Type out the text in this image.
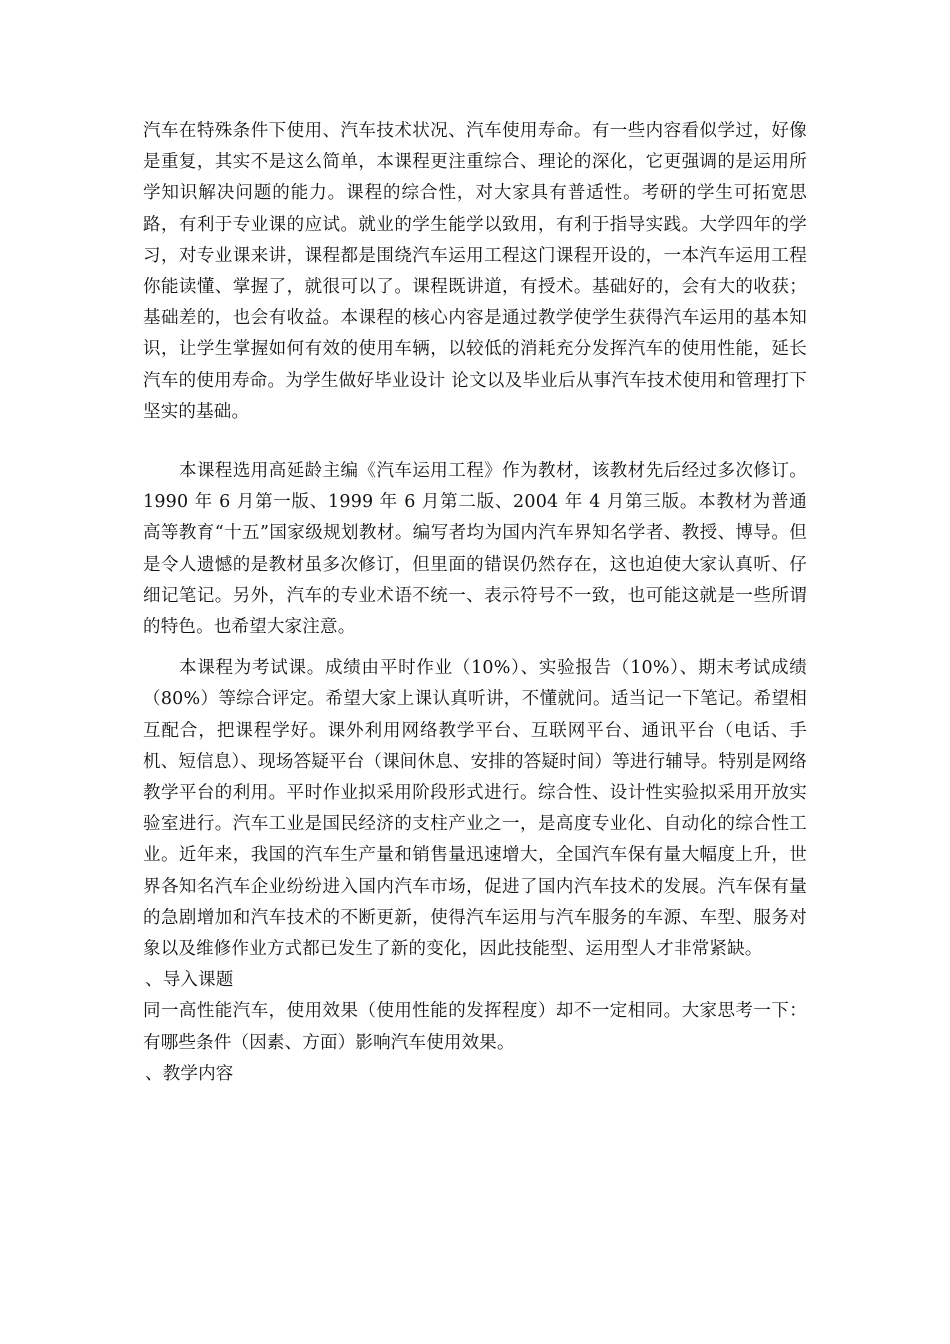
汽车在特殊条件下使用、汽车技术状况、汽车使用寿命。有一些内容看似学过，好像是重复，其实不是这么简单，本课程更注重综合、理论的深化，它更强调的是运用所学知识解决问题的能力。课程的综合性，对大家具有普适性。考研的学生可拓宽思路，有利于专业课的应试。就业的学生能学以致用，有利于指导实践。大学四年的学习，对专业课来讲，课程都是围绕汽车运用工程这门课程开设的，一本汽车运用工程你能读懂、掌握了，就很可以了。课程既讲道，有授术。基础好的，会有大的收获；基础差的，也会有收益。本课程的核心内容是通过教学使学生获得汽车运用的基本知识，让学生掌握如何有效的使用车辆，以较低的消耗充分发挥汽车的使用性能，延长汽车的使用寿命。为学生做好毕业设计 论文以及毕业后从事汽车技术使用和管理打下坚实的基础。

本课程选用高延龄主编《汽车运用工程》作为教材，该教材先后经过多次修订。1990 年 6 月第一版、1999 年 6 月第二版、2004 年 4 月第三版。本教材为普通高等教育“十五”国家级规划教材。编写者均为国内汽车界知名学者、教授、博导。但是令人遗憾的是教材虽多次修订，但里面的错误仍然存在，这也迫使大家认真听、仔细记笔记。另外，汽车的专业术语不统一、表示符号不一致，也可能这就是一些所谓的特色。也希望大家注意。

本课程为考试课。成绩由平时作业（10%）、实验报告（10%）、期末考试成绩（80%）等综合评定。希望大家上课认真听讲，不懂就问。适当记一下笔记。希望相互配合，把课程学好。课外利用网络教学平台、互联网平台、通讯平台（电话、手机、短信息）、现场答疑平台（课间休息、安排的答疑时间）等进行辅导。特别是网络教学平台的利用。平时作业拟采用阶段形式进行。综合性、设计性实验拟采用开放实验室进行。汽车工业是国民经济的支柱产业之一，是高度专业化、自动化的综合性工业。近年来，我国的汽车生产量和销售量迅速增大，全国汽车保有量大幅度上升，世界各知名汽车企业纷纷进入国内汽车市场，促进了国内汽车技术的发展。汽车保有量的急剧增加和汽车技术的不断更新，使得汽车运用与汽车服务的车源、车型、服务对象以及维修作业方式都已发生了新的变化，因此技能型、运用型人才非常紧缺。

、导入课题

同一高性能汽车，使用效果（使用性能的发挥程度）却不一定相同。大家思考一下：有哪些条件（因素、方面）影响汽车使用效果。

、教学内容
